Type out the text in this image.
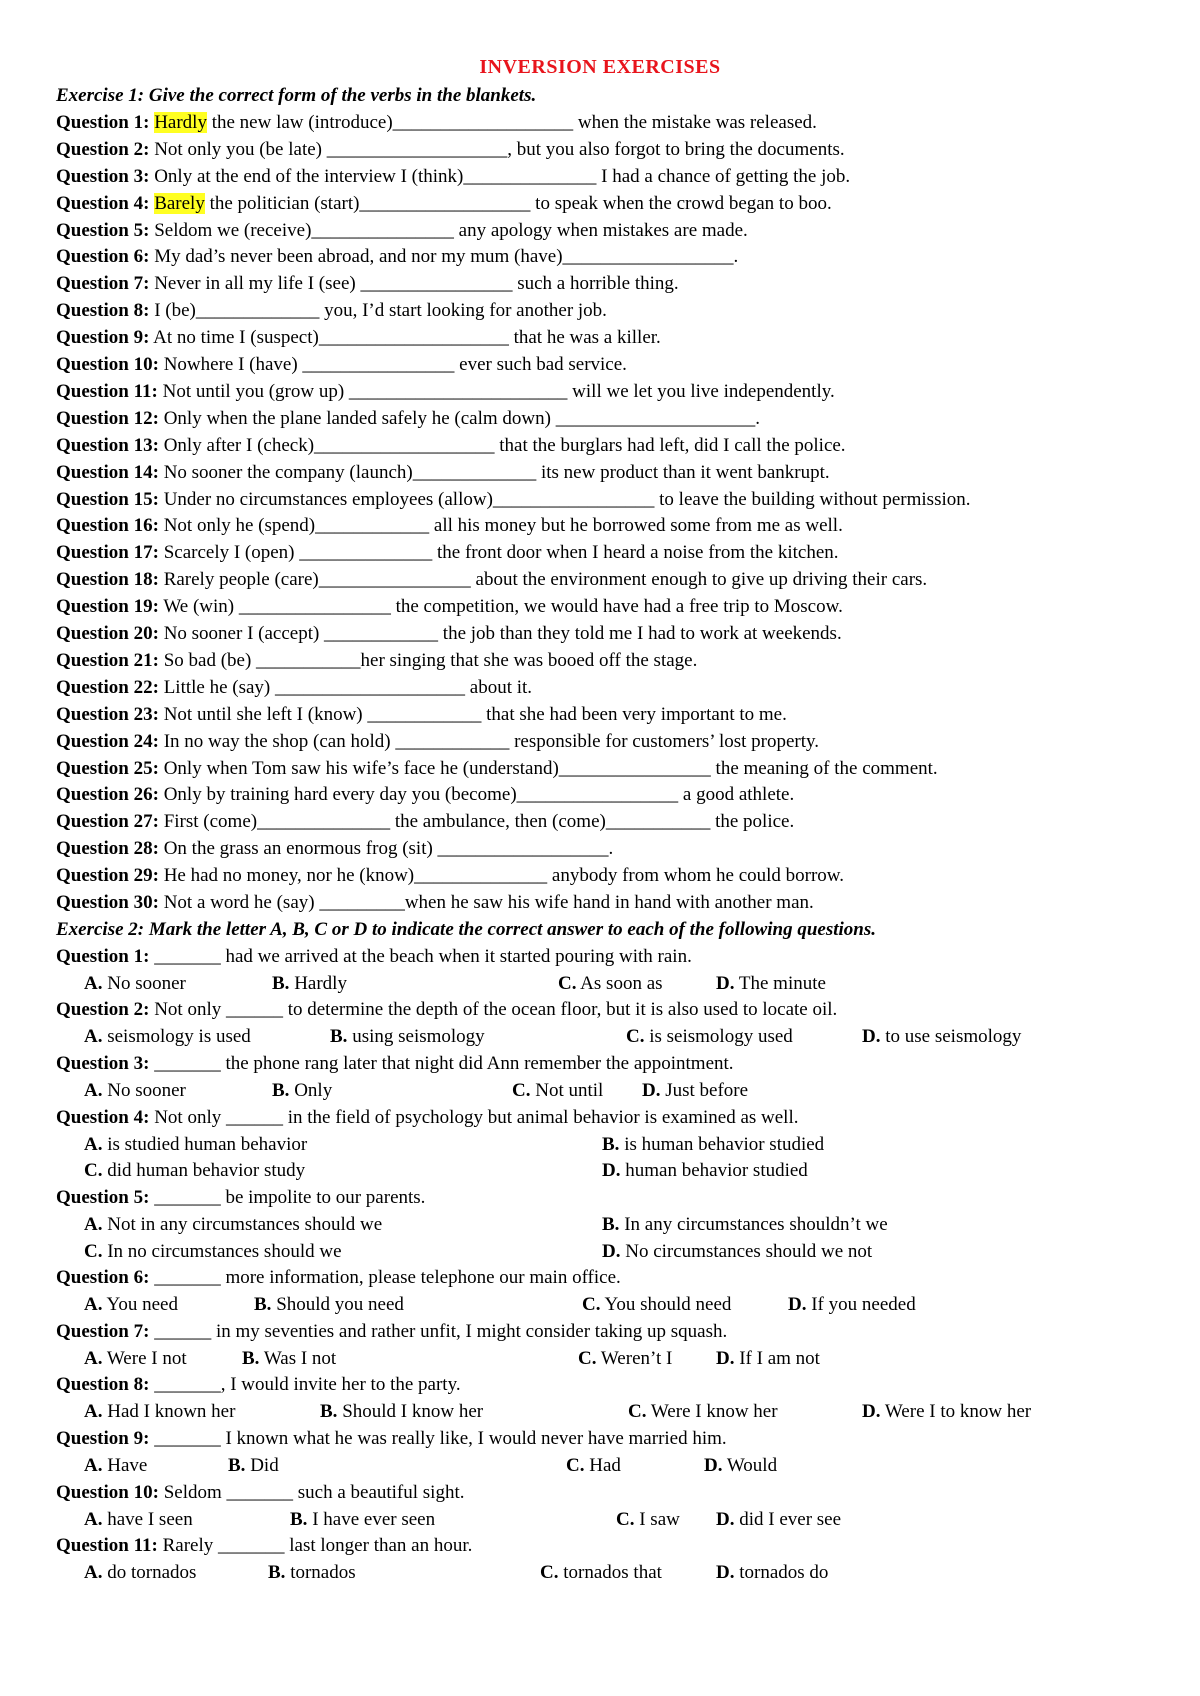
INVERSION EXERCISES
Exercise 1: Give the correct form of the verbs in the blankets.
Question 1: Hardly the new law (introduce)___________________ when the mistake was released.
Question 2: Not only you (be late) ___________________, but you also forgot to bring the documents.
Question 3: Only at the end of the interview I (think)______________ I had a chance of getting the job.
Question 4: Barely the politician (start)__________________ to speak when the crowd began to boo.
Question 5: Seldom we (receive)_______________ any apology when mistakes are made.
Question 6: My dad’s never been abroad, and nor my mum (have)__________________.
Question 7: Never in all my life I (see) ________________ such a horrible thing.
Question 8: I (be)_____________ you, I’d start looking for another job.
Question 9: At no time I (suspect)____________________ that he was a killer.
Question 10: Nowhere I (have) ________________ ever such bad service.
Question 11: Not until you (grow up) _______________________ will we let you live independently.
Question 12: Only when the plane landed safely he (calm down) _____________________.
Question 13: Only after I (check)___________________ that the burglars had left, did I call the police.
Question 14: No sooner the company (launch)_____________ its new product than it went bankrupt.
Question 15: Under no circumstances employees (allow)_________________ to leave the building without permission.
Question 16: Not only he (spend)____________ all his money but he borrowed some from me as well.
Question 17: Scarcely I (open) ______________ the front door when I heard a noise from the kitchen.
Question 18: Rarely people (care)________________ about the environment enough to give up driving their cars.
Question 19: We (win) ________________ the competition, we would have had a free trip to Moscow.
Question 20: No sooner I (accept) ____________ the job than they told me I had to work at weekends.
Question 21: So bad (be) ___________her singing that she was booed off the stage.
Question 22: Little he (say) ____________________ about it.
Question 23: Not until she left I (know) ____________ that she had been very important to me.
Question 24: In no way the shop (can hold) ____________ responsible for customers’ lost property.
Question 25: Only when Tom saw his wife’s face he (understand)________________ the meaning of the comment.
Question 26: Only by training hard every day you (become)_________________ a good athlete.
Question 27: First (come)______________ the ambulance, then (come)___________ the police.
Question 28: On the grass an enormous frog (sit) __________________.
Question 29: He had no money, nor he (know)______________ anybody from whom he could borrow.
Question 30: Not a word he (say) _________when he saw his wife hand in hand with another man.
Exercise 2: Mark the letter A, B, C or D to indicate the correct answer to each of the following questions.
Question 1: _______ had we arrived at the beach when it started pouring with rain.
A. No sooner	B. Hardly	C. As soon as	D. The minute
Question 2: Not only ______ to determine the depth of the ocean floor, but it is also used to locate oil.
A. seismology is used	B. using seismology	C. is seismology used	D. to use seismology
Question 3: _______ the phone rang later that night did Ann remember the appointment.
A. No sooner	B. Only	C. Not until D. Just before
Question 4: Not only ______ in the field of psychology but animal behavior is examined as well.
A. is studied human behavior	B. is human behavior studied
C. did human behavior study	D. human behavior studied
Question 5: _______ be impolite to our parents.
A. Not in any circumstances should we	B. In any circumstances shouldn’t we
C. In no circumstances should we	D. No circumstances should we not
Question 6: _______ more information, please telephone our main office.
A. You need	B. Should you need	C. You should need	D. If you needed
Question 7: ______ in my seventies and rather unfit, I might consider taking up squash.
A. Were I not	B. Was I not	C. Weren’t I D. If I am not
Question 8: _______, I would invite her to the party.
A. Had I known her	B. Should I know her	C. Were I know her	D. Were I to know her
Question 9: _______ I known what he was really like, I would never have married him.
A. Have	B. Did	C. Had	D. Would
Question 10: Seldom _______ such a beautiful sight.
A. have I seen	B. I have ever seen	C. I saw D. did I ever see
Question 11: Rarely _______ last longer than an hour.
A. do tornados	B. tornados	C. tornados that	D. tornados do
